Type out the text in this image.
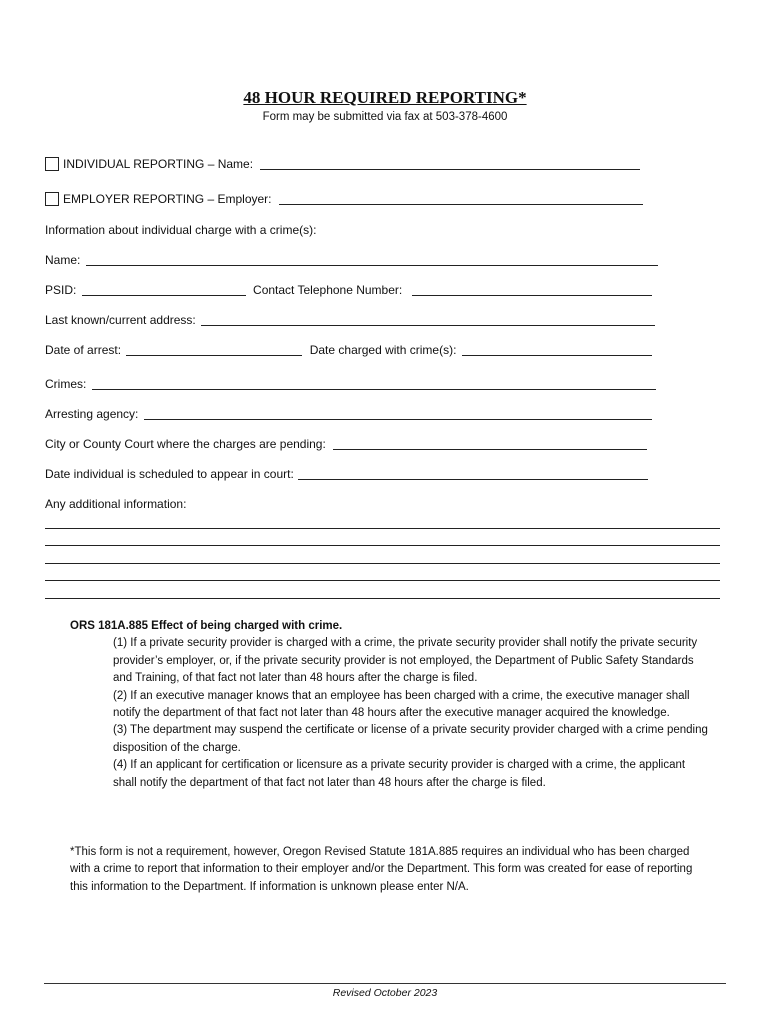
48 HOUR REQUIRED REPORTING*
Form may be submitted via fax at 503-378-4600
INDIVIDUAL REPORTING – Name:
EMPLOYER REPORTING – Employer:
Information about individual charge with a crime(s):
Name:
PSID:	Contact Telephone Number:
Last known/current address:
Date of arrest:	Date charged with crime(s):
Crimes:
Arresting agency:
City or County Court where the charges are pending:
Date individual is scheduled to appear in court:
Any additional information:
ORS 181A.885 Effect of being charged with crime.
(1) If a private security provider is charged with a crime, the private security provider shall notify the private security provider’s employer, or, if the private security provider is not employed, the Department of Public Safety Standards and Training, of that fact not later than 48 hours after the charge is filed.
(2) If an executive manager knows that an employee has been charged with a crime, the executive manager shall notify the department of that fact not later than 48 hours after the executive manager acquired the knowledge.
(3) The department may suspend the certificate or license of a private security provider charged with a crime pending disposition of the charge.
(4) If an applicant for certification or licensure as a private security provider is charged with a crime, the applicant shall notify the department of that fact not later than 48 hours after the charge is filed.
*This form is not a requirement, however, Oregon Revised Statute 181A.885 requires an individual who has been charged with a crime to report that information to their employer and/or the Department. This form was created for ease of reporting this information to the Department. If information is unknown please enter N/A.
Revised October 2023
